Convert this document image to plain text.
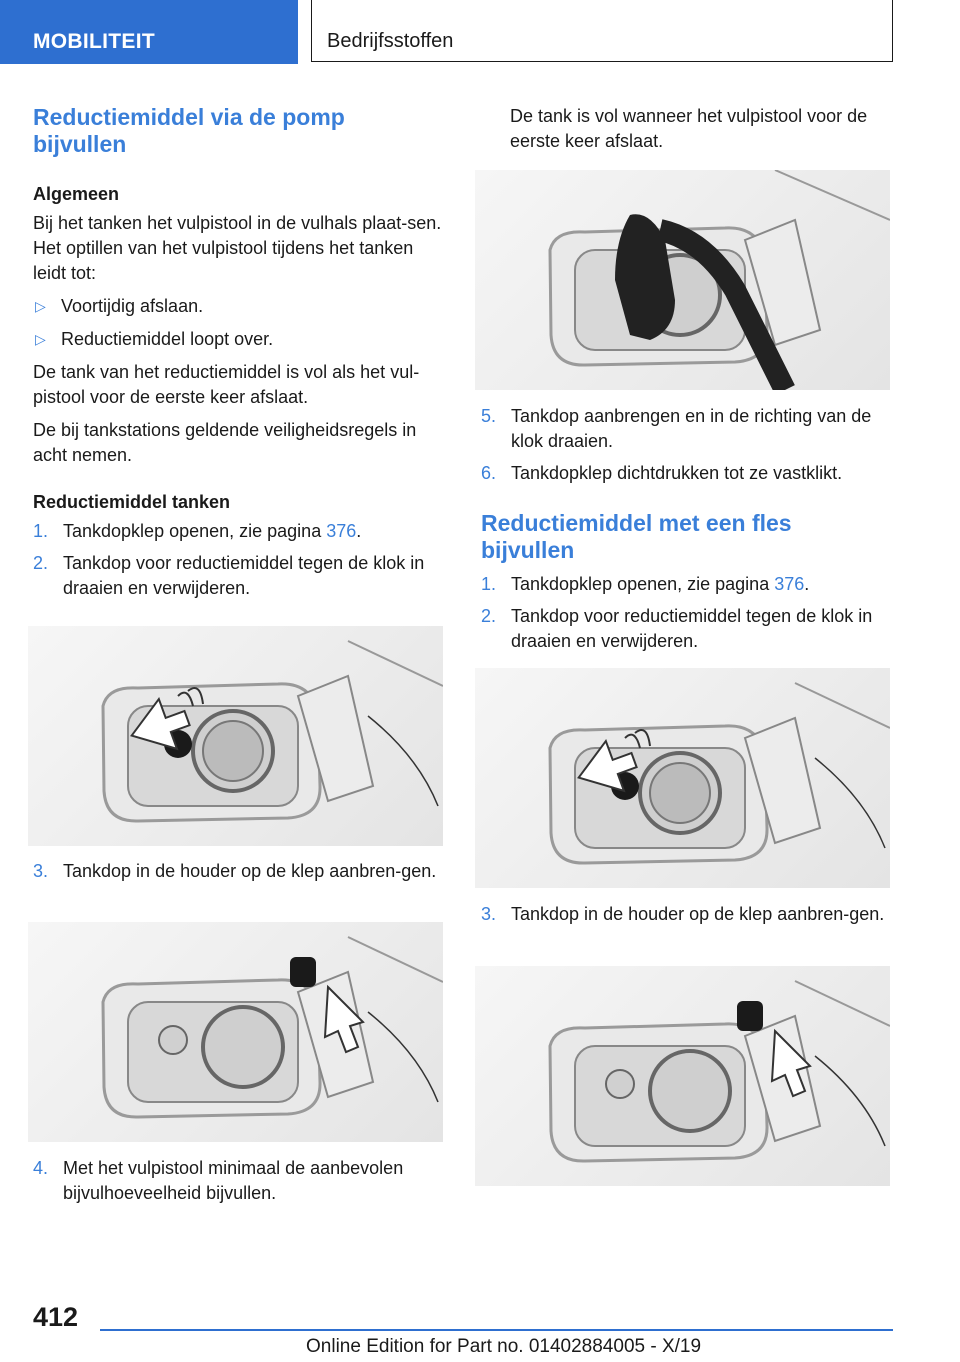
MOBILITEIT	Bedrijfsstoffen
Reductiemiddel via de pomp bijvullen
Algemeen

Bij het tanken het vulpistool in de vulhals plaat-sen. Het optillen van het vulpistool tijdens het tanken leidt tot:

▷ Voortijdig afslaan.
▷ Reductiemiddel loopt over.

De tank van het reductiemiddel is vol als het vul-pistool voor de eerste keer afslaat.

De bij tankstations geldende veiligheidsregels in acht nemen.

Reductiemiddel tanken
1. Tankdopklep openen, zie pagina 376.
2. Tankdop voor reductiemiddel tegen de klok in draaien en verwijderen.
3. Tankdop in de houder op de klep aanbren-gen.
4. Met het vulpistool minimaal de aanbevolen bijvulhoeveelheid bijvullen.

De tank is vol wanneer het vulpistool voor de eerste keer afslaat.

5. Tankdop aanbrengen en in de richting van de klok draaien.
6. Tankdopklep dichtdrukken tot ze vastklikt.
Reductiemiddel met een fles bijvullen
1. Tankdopklep openen, zie pagina 376.
2. Tankdop voor reductiemiddel tegen de klok in draaien en verwijderen.
3. Tankdop in de houder op de klep aanbren-gen.
412
Online Edition for Part no. 01402884005 - X/19
